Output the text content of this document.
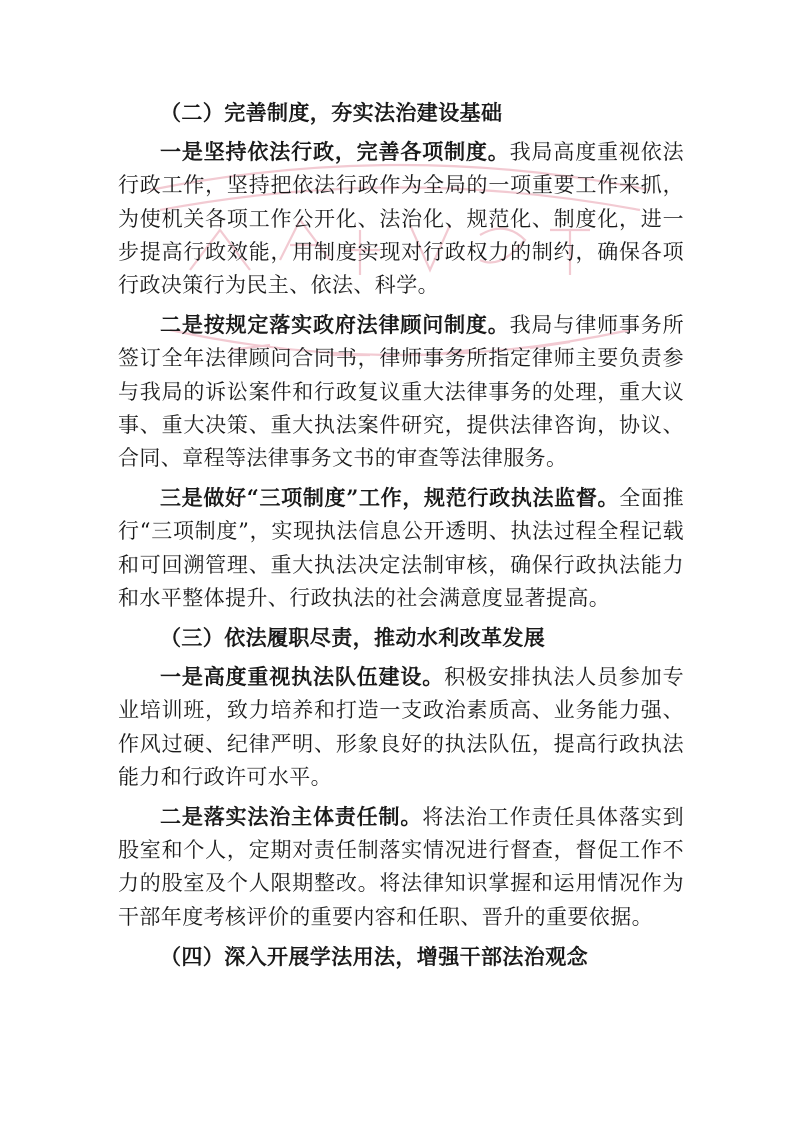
（二）完善制度，夯实法治建设基础

一是坚持依法行政，完善各项制度。我局高度重视依法行政工作，坚持把依法行政作为全局的一项重要工作来抓，为使机关各项工作公开化、法治化、规范化、制度化，进一步提高行政效能，用制度实现对行政权力的制约，确保各项行政决策行为民主、依法、科学。

二是按规定落实政府法律顾问制度。我局与律师事务所签订全年法律顾问合同书，律师事务所指定律师主要负责参与我局的诉讼案件和行政复议重大法律事务的处理，重大议事、重大决策、重大执法案件研究，提供法律咨询，协议、合同、章程等法律事务文书的审查等法律服务。

三是做好“三项制度”工作，规范行政执法监督。全面推行“三项制度”，实现执法信息公开透明、执法过程全程记载和可回溯管理、重大执法决定法制审核，确保行政执法能力和水平整体提升、行政执法的社会满意度显著提高。

（三）依法履职尽责，推动水利改革发展

一是高度重视执法队伍建设。积极安排执法人员参加专业培训班，致力培养和打造一支政治素质高、业务能力强、作风过硬、纪律严明、形象良好的执法队伍，提高行政执法能力和行政许可水平。

二是落实法治主体责任制。将法治工作责任具体落实到股室和个人，定期对责任制落实情况进行督查，督促工作不力的股室及个人限期整改。将法律知识掌握和运用情况作为干部年度考核评价的重要内容和任职、晋升的重要依据。

（四）深入开展学法用法，增强干部法治观念
